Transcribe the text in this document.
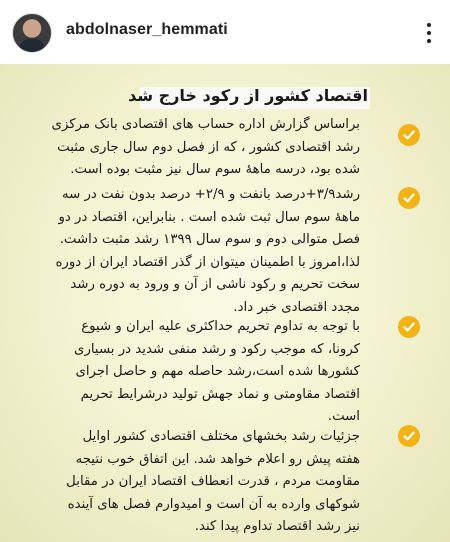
abdolnaser_hemmati
اقتصاد کشور از رکود خارج شد

براساس گزارش اداره حساب های اقتصادی بانک مرکزی

رشد اقتصادی کشور ، که از فصل دوم سال جاری مثبت

شده بود، درسه ماهۀ سوم سال نیز مثبت بوده است.

رشد۳/۹+درصد بانفت و ۲/۹+ درصد بدون نفت در سه

ماهۀ سوم سال ثبت شده است . بنابراین، اقتصاد در دو

فصل متوالی دوم و سوم سال ۱۳۹۹ رشد مثبت داشت.

لذا،امروز با اطمینان میتوان از گذر اقتصاد ایران از دوره

سخت تحریم و رکود ناشی از آن و ورود به دوره رشد

مجدد اقتصادی خبر داد.

با توجه به تداوم تحریم حداکثری علیه ایران و شیوع

کرونا، که موجب رکود و رشد منفی شدید در بسیاری

کشورها شده است،رشد حاصله مهم و حاصل اجرای

اقتصاد مقاومتی و نماد جهش تولید درشرایط تحریم

است.

جزئیات رشد بخشهای مختلف اقتصادی کشور اوایل

هفته پیش رو اعلام خواهد شد. این اتفاق خوب نتیجه

مقاومت مردم ، قدرت انعطاف اقتصاد ایران در مقابل

شوکهای وارده به آن است و امیدوارم فصل های آینده

نیز رشد اقتصاد تداوم پیدا کند.
